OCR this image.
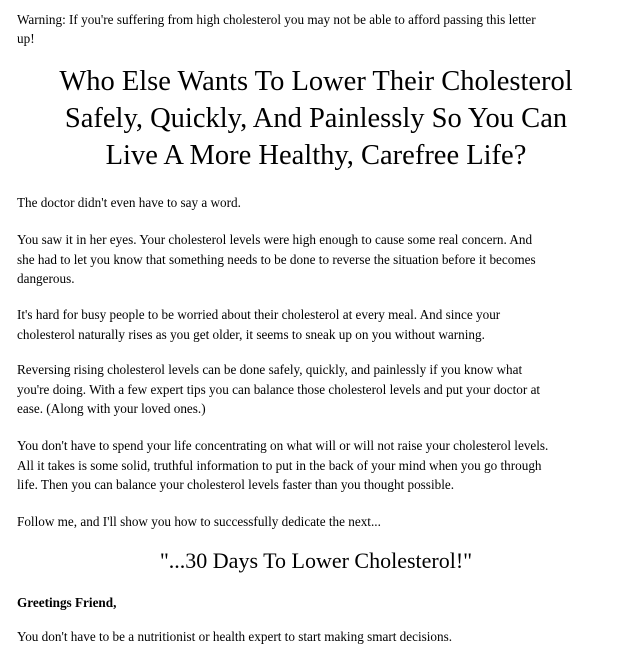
Warning: If you're suffering from high cholesterol you may not be able to afford passing this letter
up!
Who Else Wants To Lower Their Cholesterol
Safely, Quickly, And Painlessly So You Can
Live A More Healthy, Carefree Life?
The doctor didn't even have to say a word.
You saw it in her eyes. Your cholesterol levels were high enough to cause some real concern. And
she had to let you know that something needs to be done to reverse the situation before it becomes
dangerous.
It's hard for busy people to be worried about their cholesterol at every meal. And since your
cholesterol naturally rises as you get older, it seems to sneak up on you without warning.
Reversing rising cholesterol levels can be done safely, quickly, and painlessly if you know what
you're doing. With a few expert tips you can balance those cholesterol levels and put your doctor at
ease. (Along with your loved ones.)
You don't have to spend your life concentrating on what will or will not raise your cholesterol levels.
All it takes is some solid, truthful information to put in the back of your mind when you go through
life. Then you can balance your cholesterol levels faster than you thought possible.
Follow me, and I'll show you how to successfully dedicate the next...
"...30 Days To Lower Cholesterol!"
Greetings Friend,
You don't have to be a nutritionist or health expert to start making smart decisions.
